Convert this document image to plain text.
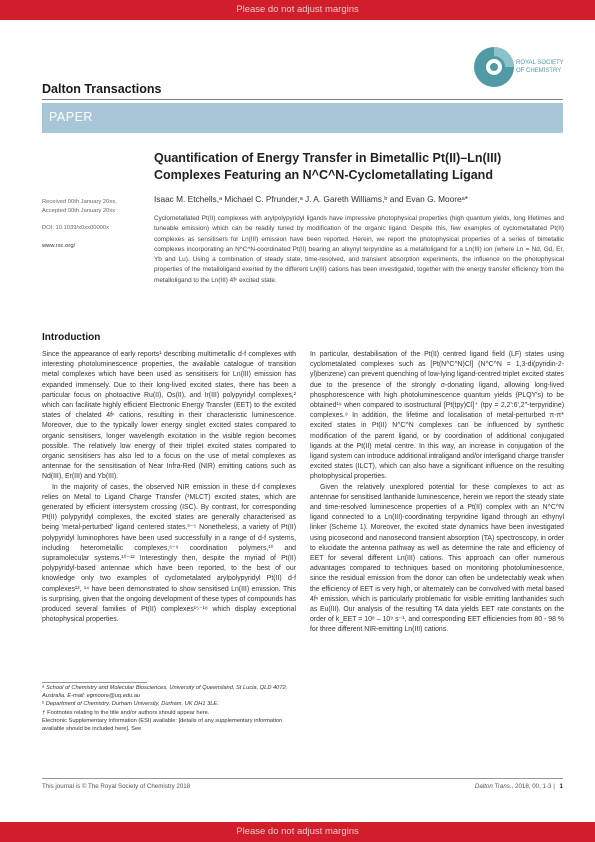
Please do not adjust margins
Dalton Transactions
ROYAL SOCIETY
OF CHEMISTRY
PAPER
Quantification of Energy Transfer in Bimetallic Pt(II)–Ln(III)
Complexes Featuring an N^C^N-Cyclometallating Ligand
Received 00th January 20xx,
Accepted 00th January 20xx
DOI: 10.1039/x0xx00000x
www.rsc.org/
Isaac M. Etchells,ᵃ Michael C. Pfrunder,ᵃ J. A. Gareth Williams,ᵇ and Evan G. Mooreᵃ*
Cyclometallated Pt(II) complexes with arylpolypyridyl ligands have impressive photophysical properties (high quantum yields, long lifetimes and tuneable emission) which can be readily tuned by modification of the organic ligand. Despite this, few examples of cyclometallated Pt(II) complexes as sensitisers for Ln(III) emission have been reported. Herein, we report the photophysical properties of a series of bimetallic complexes incorporating an N^C^N-coordinated Pt(II) bearing an alkynyl terpyridine as a metalloligand for a Ln(III) ion (where Ln = Nd, Gd, Er, Yb and Lu). Using a combination of steady state, time-resolved, and transient absorption experiments, the influence on the photophysical properties of the metalloligand exerted by the different Ln(III) cations has been investigated, together with the energy transfer efficiency from the metalloligand to the Ln(III) 4fⁿ excited state.
Introduction

Since the appearance of early reports¹ describing multimetallic d-f complexes with interesting photoluminescence properties, the available catalogue of transition metal complexes which have been used as sensitisers for Ln(III) emission has expanded immensely. Due to their long-lived excited states, there has been a particular focus on photoactive Ru(II), Os(II), and Ir(III) polypyridyl complexes,² which can facilitate highly efficient Electronic Energy Transfer (EET) to the excited states of chelated 4fⁿ cations, resulting in their characteristic luminescence. Moreover, due to the typically lower energy singlet excited states compared to organic sensitisers, longer wavelength excitation in the visible region becomes possible. The relatively low energy of their triplet excited states compared to organic sensitisers has also led to a focus on the use of metal complexes as antennae for the sensitisation of Near Infra-Red (NIR) emitting cations such as Nd(III), Er(III) and Yb(III).

In the majority of cases, the observed NIR emission in these d-f complexes relies on Metal to Ligand Charge Transfer (³MLCT) excited states, which are generated by efficient intersystem crossing (ISC). By contrast, for corresponding Pt(II) polypyridyl complexes, the excited states are generally characterised as being 'metal-perturbed' ligand centered states.³⁻⁵ Nonetheless, a variety of Pt(II) polypyridyl luminophores have been used successfully in a range of d-f systems, including heterometallic complexes,⁶⁻⁹ coordination polymers,¹⁰ and supramolecular systems.¹⁰⁻¹² Interestingly then, despite the myriad of Pt(II) polypyridyl-based antennae which have been reported, to the best of our knowledge only two examples of cyclometalated arylpolypyridyl Pt(II) d-f complexes¹³, ¹⁴ have been demonstrated to show sensitised Ln(III) emission. This is surprising, given that the ongoing development of these types of compounds has produced several families of Pt(II) complexes¹⁵⁻¹⁸ which display exceptional photophysical properties.

In particular, destabilisation of the Pt(II) centred ligand field (LF) states using cyclometalated complexes such as [Pt(N^C^N)Cl] (N^C^N = 1,3-di(pyridin-2-yl)benzene) can prevent quenching of low-lying ligand-centred triplet excited states due to the presence of the strongly σ-donating ligand, allowing long-lived phosphorescence with high photoluminescence quantum yields (PLQY's) to be obtained¹⁹ when compared to isostructural [Pt(tpy)Cl]⁺ (tpy = 2,2':6',2''-terpyridine) complexes.⁹ In addition, the lifetime and localisation of metal-perturbed π-π* excited states in Pt(II) N^C^N complexes can be influenced by synthetic modification of the parent ligand, or by coordination of additional conjugated ligands at the Pt(II) metal centre. In this way, an increase in conjugation of the ligand system can introduce additional intraligand and/or interligand charge transfer excited states (ILCT), which can also have a significant influence on the resulting photophysical properties.

Given the relatively unexplored potential for these complexes to act as antennae for sensitised lanthanide luminescence, herein we report the steady state and time-resolved luminescence properties of a Pt(II) complex with an N^C^N ligand connected to a Ln(III)-coordinating terpyridine ligand through an ethynyl linker (Scheme 1). Moreover, the excited state dynamics have been investigated using picosecond and nanosecond transient absorption (TA) spectroscopy, in order to elucidate the antenna pathway as well as determine the rate and efficiency of EET for several different Ln(III) cations. This approach can offer numerous advantages compared to techniques based on monitoring photoluminescence, since the residual emission from the donor can often be undetectably weak when the efficiency of EET is very high, or alternately can be convolved with metal based 4fⁿ emission, which is particularly problematic for visible emitting lanthanides such as Eu(III). Our analysis of the resulting TA data yields EET rate constants on the order of k_EET = 10⁸ – 10⁹ s⁻¹, and corresponding EET efficiencies from 80 - 98 % for three different NIR-emitting Ln(III) cations.

ᵃ School of Chemistry and Molecular Biosciences, University of Queensland, St Lucia, QLD 4072, Australia. E-mail: egmoore@uq.edu.au
ᵇ Department of Chemistry, Durham University, Durham, UK DH1 3LE.
† Footnotes relating to the title and/or authors should appear here.
Electronic Supplementary Information (ESI) available: [details of any supplementary information available should be included here]. See
This journal is © The Royal Society of Chemistry 2018	Dalton Trans., 2018, 00, 1-3 | 1
Please do not adjust margins
